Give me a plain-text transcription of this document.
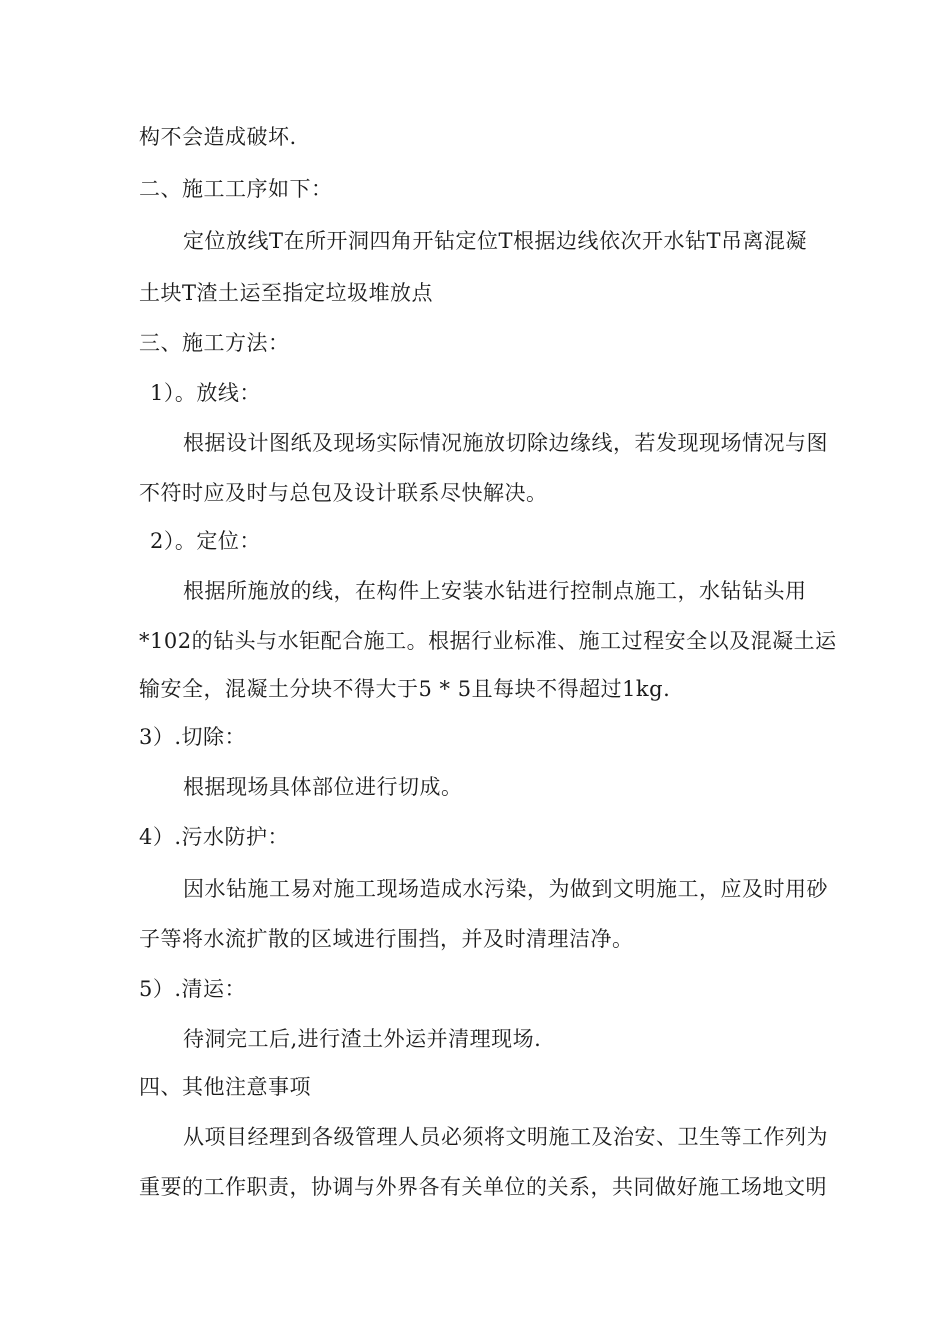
构不会造成破坏.
二、施工工序如下：
定位放线T在所开洞四角开钻定位T根据边线依次开水钻T吊离混凝
土块T渣土运至指定垃圾堆放点
三、施工方法：
1）。放线：
根据设计图纸及现场实际情况施放切除边缘线，若发现现场情况与图
不符时应及时与总包及设计联系尽快解决。
2）。定位：
根据所施放的线，在构件上安装水钻进行控制点施工，水钻钻头用
*102的钻头与水钜配合施工。根据行业标准、施工过程安全以及混凝土运
输安全，混凝土分块不得大于5 * 5且每块不得超过1kg.
3）.切除：
根据现场具体部位进行切成。
4）.污水防护：
因水钻施工易对施工现场造成水污染，为做到文明施工，应及时用砂
子等将水流扩散的区域进行围挡，并及时清理洁净。
5）.清运：
待洞完工后,进行渣土外运并清理现场.
四、其他注意事项
从项目经理到各级管理人员必须将文明施工及治安、卫生等工作列为
重要的工作职责，协调与外界各有关单位的关系，共同做好施工场地文明
